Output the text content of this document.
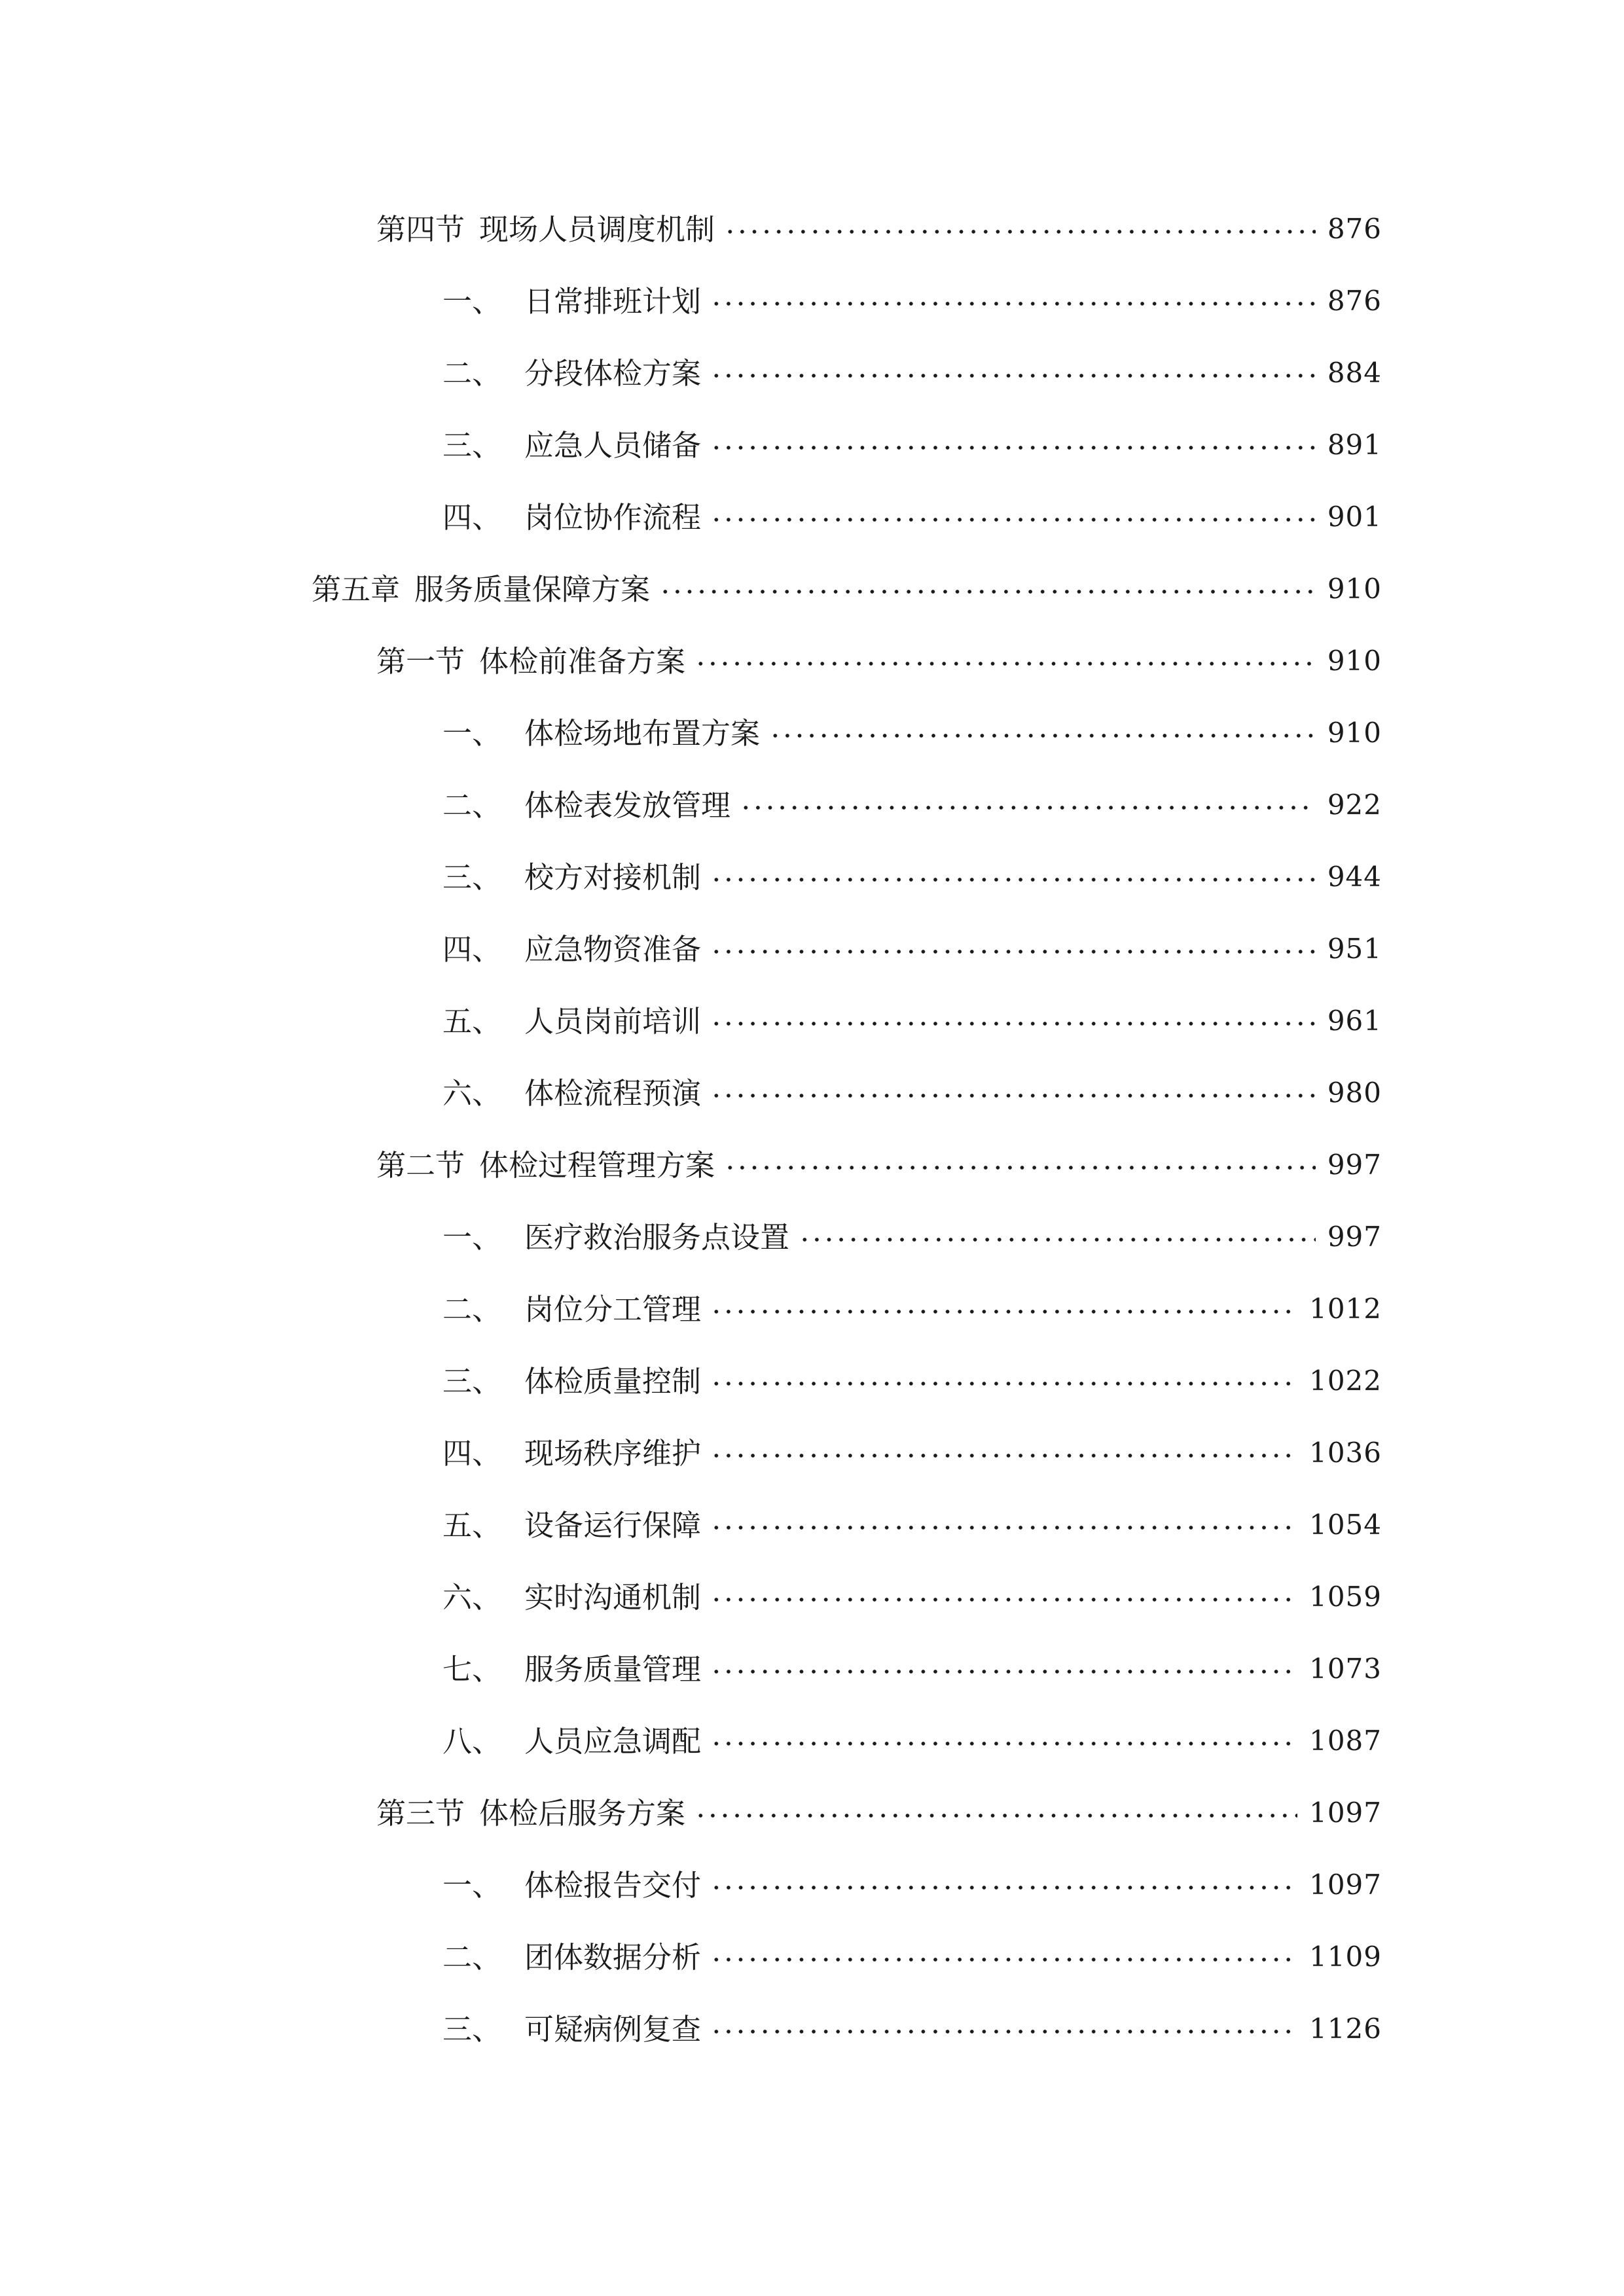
第四节 现场人员调度机制	876
一、 日常排班计划	876
二、 分段体检方案	884
三、 应急人员储备	891
四、 岗位协作流程	901
第五章 服务质量保障方案	910
第一节 体检前准备方案	910
一、 体检场地布置方案	910
二、 体检表发放管理	922
三、 校方对接机制	944
四、 应急物资准备	951
五、 人员岗前培训	961
六、 体检流程预演	980
第二节 体检过程管理方案	997
一、 医疗救治服务点设置	997
二、 岗位分工管理	1012
三、 体检质量控制	1022
四、 现场秩序维护	1036
五、 设备运行保障	1054
六、 实时沟通机制	1059
七、 服务质量管理	1073
八、 人员应急调配	1087
第三节 体检后服务方案	1097
一、 体检报告交付	1097
二、 团体数据分析	1109
三、 可疑病例复查	1126
